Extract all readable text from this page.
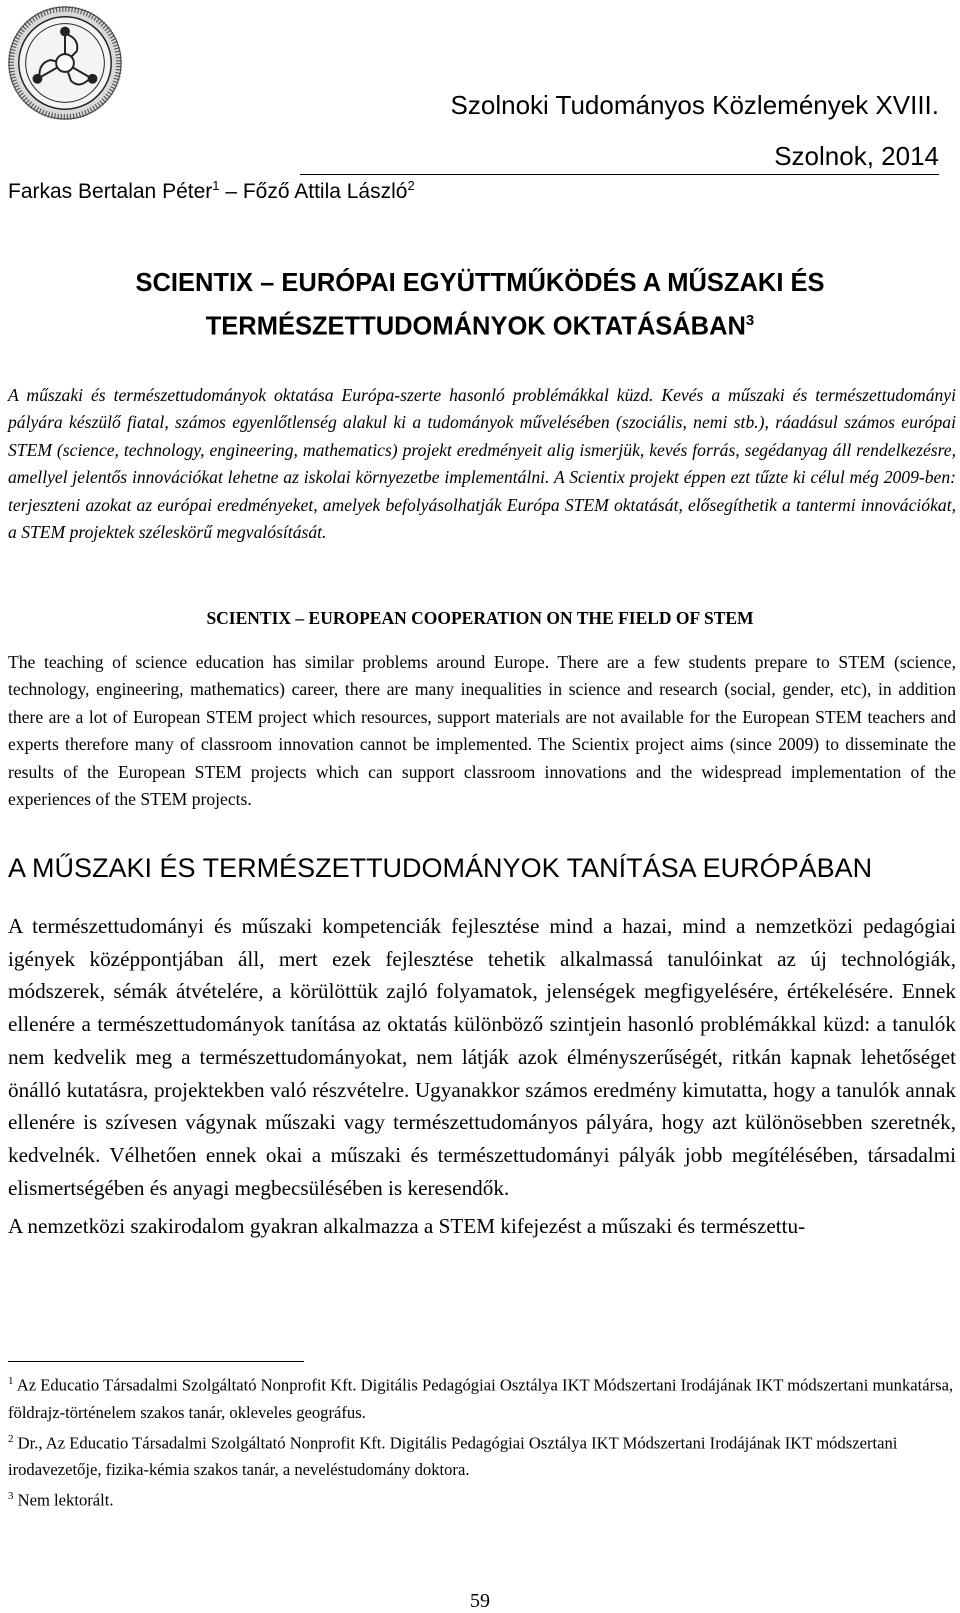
Szolnoki Tudományos Közlemények XVIII.
Szolnok, 2014
Farkas Bertalan Péter$^1$ – Főző Attila László$^2$
SCIENTIX – EURÓPAI EGYÜTTMŰKÖDÉS A MŰSZAKI ÉS
TERMÉSZETTUDOMÁNYOK OKTATÁSÁBAN$^3$
A műszaki és természettudományok oktatása Európa-szerte hasonló problémákkal küzd. Kevés a műszaki és természettudományi pályára készülő fiatal, számos egyenlőtlenség alakul ki a tudományok művelésében (szociális, nemi stb.), ráadásul számos európai STEM (science, technology, engineering, mathematics) projekt eredményeit alig ismerjük, kevés forrás, segédanyag áll rendelkezésre, amellyel jelentős innovációkat lehetne az iskolai környezetbe implementálni. A Scientix projekt éppen ezt tűzte ki célul még 2009-ben: terjeszteni azokat az európai eredményeket, amelyek befolyásolhatják Európa STEM oktatását, elősegíthetik a tantermi innovációkat, a STEM projektek széleskörű megvalósítását.
SCIENTIX – EUROPEAN COOPERATION ON THE FIELD OF STEM
The teaching of science education has similar problems around Europe. There are a few students prepare to STEM (science, technology, engineering, mathematics) career, there are many inequalities in science and research (social, gender, etc), in addition there are a lot of European STEM project which resources, support materials are not available for the European STEM teachers and experts therefore many of classroom innovation cannot be implemented. The Scientix project aims (since 2009) to disseminate the results of the European STEM projects which can support classroom innovations and the widespread implementation of the experiences of the STEM projects.
A MŰSZAKI ÉS TERMÉSZETTUDOMÁNYOK TANÍTÁSA EURÓPÁBAN

A természettudományi és műszaki kompetenciák fejlesztése mind a hazai, mind a nemzetközi pedagógiai igények középpontjában áll, mert ezek fejlesztése tehetik alkalmassá tanulóinkat az új technológiák, módszerek, sémák átvételére, a körülöttük zajló folyamatok, jelenségek megfigyelésére, értékelésére. Ennek ellenére a természettudományok tanítása az oktatás különböző szintjein hasonló problémákkal küzd: a tanulók nem kedvelik meg a természettudományokat, nem látják azok élményszerűségét, ritkán kapnak lehetőséget önálló kutatásra, projektekben való részvételre. Ugyanakkor számos eredmény kimutatta, hogy a tanulók annak ellenére is szívesen vágynak műszaki vagy természettudományos pályára, hogy azt különösebben szeretnék, kedvelnék. Vélhetően ennek okai a műszaki és természettudományi pályák jobb megítélésében, társadalmi elismertségében és anyagi megbecsülésében is keresendők.

A nemzetközi szakirodalom gyakran alkalmazza a STEM kifejezést a műszaki és természettu-

$^1$ Az Educatio Társadalmi Szolgáltató Nonprofit Kft. Digitális Pedagógiai Osztálya IKT Módszertani Irodájának IKT módszertani munkatársa, földrajz-történelem szakos tanár, okleveles geográfus.

$^2$ Dr., Az Educatio Társadalmi Szolgáltató Nonprofit Kft. Digitális Pedagógiai Osztálya IKT Módszertani Irodájának IKT módszertani irodavezetője, fizika-kémia szakos tanár, a neveléstudomány doktora.

$^3$ Nem lektorált.

59
